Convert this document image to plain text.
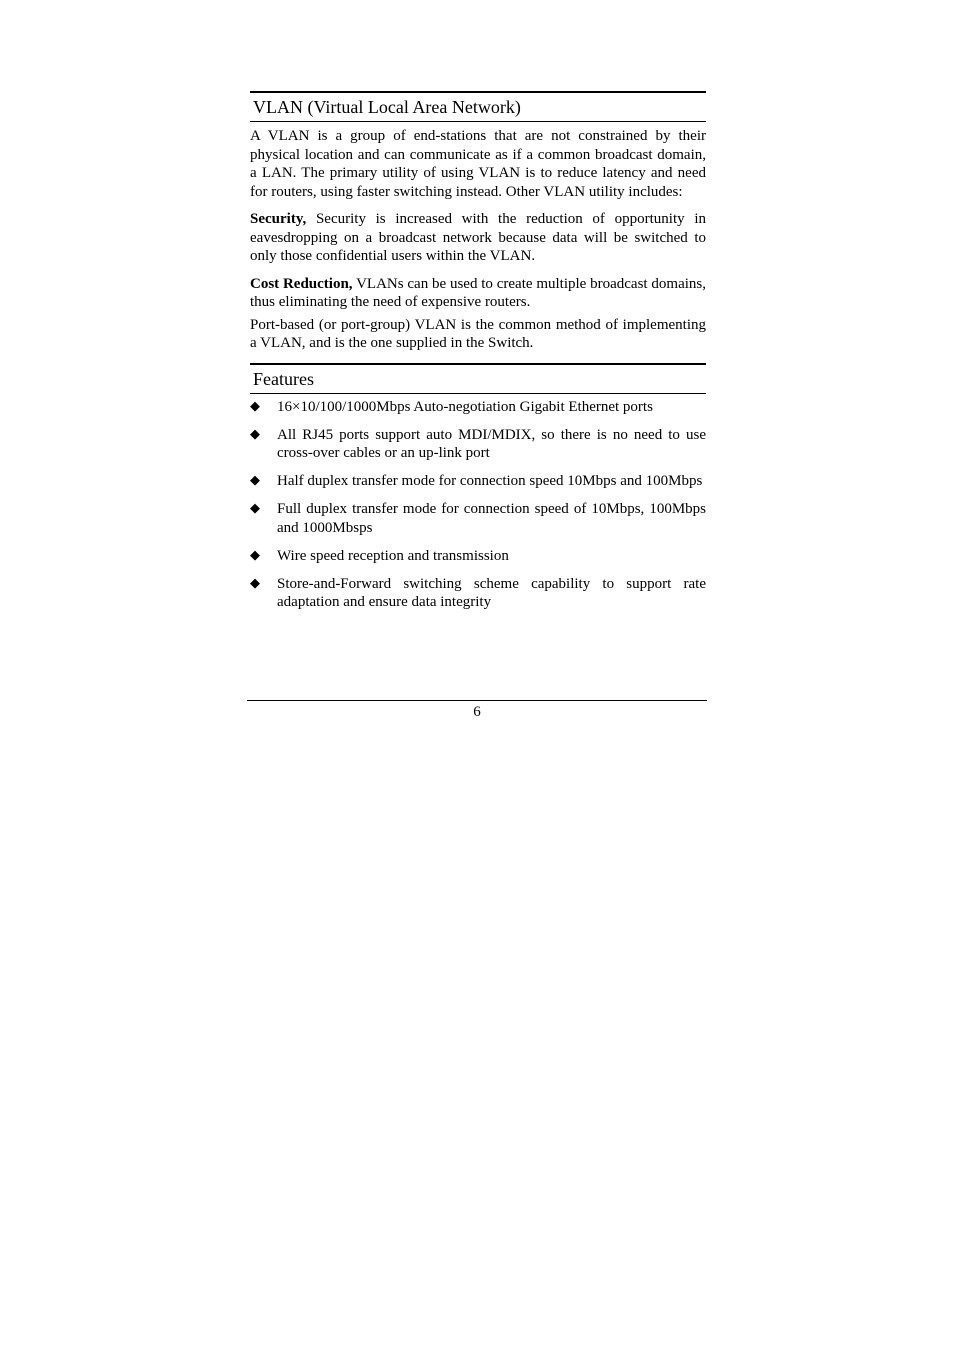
VLAN (Virtual Local Area Network)

A VLAN is a group of end-stations that are not constrained by their physical location and can communicate as if a common broadcast domain, a LAN. The primary utility of using VLAN is to reduce latency and need for routers, using faster switching instead. Other VLAN utility includes:

Security, Security is increased with the reduction of opportunity in eavesdropping on a broadcast network because data will be switched to only those confidential users within the VLAN.

Cost Reduction, VLANs can be used to create multiple broadcast domains, thus eliminating the need of expensive routers.

Port-based (or port-group) VLAN is the common method of implementing a VLAN, and is the one supplied in the Switch.

Features
◆ 16×10/100/1000Mbps Auto-negotiation Gigabit Ethernet ports
◆ All RJ45 ports support auto MDI/MDIX, so there is no need to use cross-over cables or an up-link port
◆ Half duplex transfer mode for connection speed 10Mbps and 100Mbps
◆ Full duplex transfer mode for connection speed of 10Mbps, 100Mbps and 1000Mbsps
◆ Wire speed reception and transmission
◆ Store-and-Forward switching scheme capability to support rate adaptation and ensure data integrity
6
